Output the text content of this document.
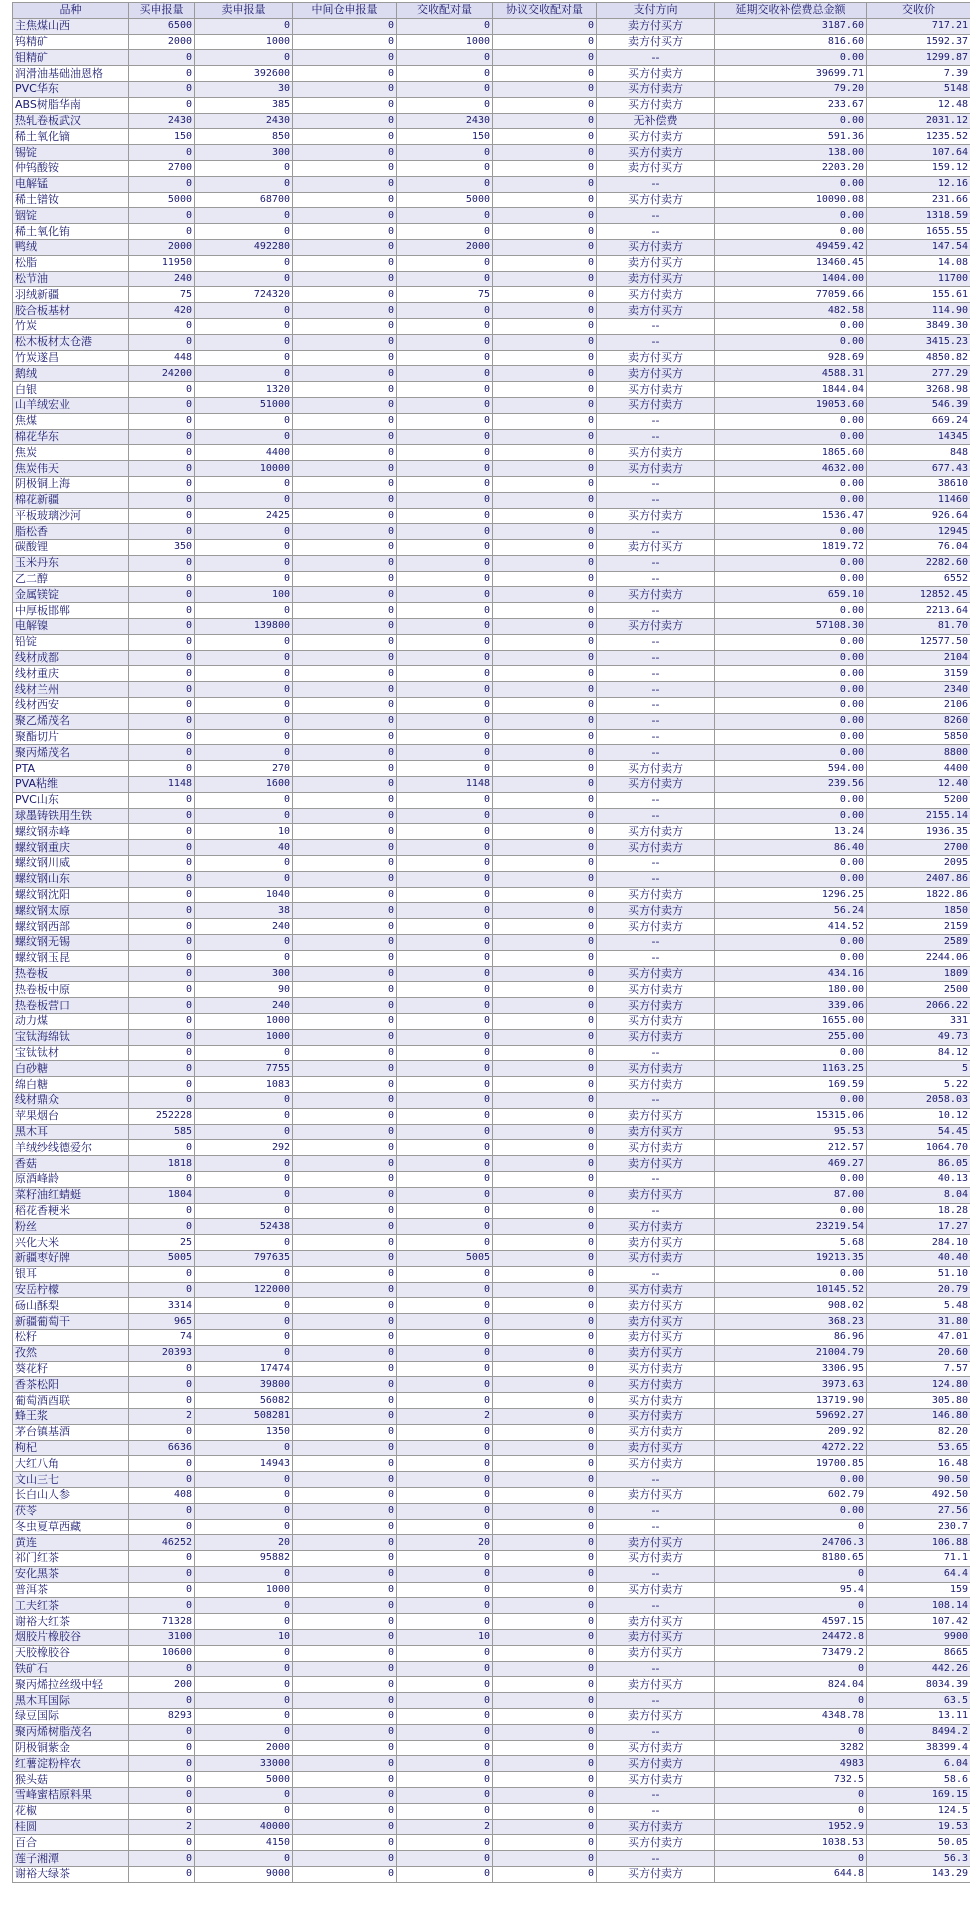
品种	买申报量	卖申报量	中间仓申报量	交收配对量	协议交收配对量	支付方向	延期交收补偿费总金额	交收价
主焦煤山西	6500	0	0	0	0	卖方付买方	3187.60	717.21
钨精矿	2000	1000	0	1000	0	卖方付买方	816.60	1592.37
钼精矿	0	0	0	0	0	--	0.00	1299.87
润滑油基础油恩格	0	392600	0	0	0	买方付卖方	39699.71	7.39
PVC华东	0	30	0	0	0	买方付卖方	79.20	5148
ABS树脂华南	0	385	0	0	0	买方付卖方	233.67	12.48
热轧卷板武汉	2430	2430	0	2430	0	无补偿费	0.00	2031.12
稀土氧化镝	150	850	0	150	0	买方付卖方	591.36	1235.52
锡锭	0	300	0	0	0	买方付卖方	138.00	107.64
仲钨酸铵	2700	0	0	0	0	卖方付买方	2203.20	159.12
电解锰	0	0	0	0	0	--	0.00	12.16
稀土镨钕	5000	68700	0	5000	0	买方付卖方	10090.08	231.66
铟锭	0	0	0	0	0	--	0.00	1318.59
稀土氧化铕	0	0	0	0	0	--	0.00	1655.55
鸭绒	2000	492280	0	2000	0	买方付卖方	49459.42	147.54
松脂	11950	0	0	0	0	卖方付买方	13460.45	14.08
松节油	240	0	0	0	0	卖方付买方	1404.00	11700
羽绒新疆	75	724320	0	75	0	买方付卖方	77059.66	155.61
胶合板基材	420	0	0	0	0	卖方付买方	482.58	114.90
竹炭	0	0	0	0	0	--	0.00	3849.30
松木板材太仓港	0	0	0	0	0	--	0.00	3415.23
竹炭遂昌	448	0	0	0	0	卖方付买方	928.69	4850.82
鹅绒	24200	0	0	0	0	卖方付买方	4588.31	277.29
白银	0	1320	0	0	0	买方付卖方	1844.04	3268.98
山羊绒宏业	0	51000	0	0	0	买方付卖方	19053.60	546.39
焦煤	0	0	0	0	0	--	0.00	669.24
棉花华东	0	0	0	0	0	--	0.00	14345
焦炭	0	4400	0	0	0	买方付卖方	1865.60	848
焦炭伟天	0	10000	0	0	0	买方付卖方	4632.00	677.43
阴极铜上海	0	0	0	0	0	--	0.00	38610
棉花新疆	0	0	0	0	0	--	0.00	11460
平板玻璃沙河	0	2425	0	0	0	买方付卖方	1536.47	926.64
脂松香	0	0	0	0	0	--	0.00	12945
碳酸锂	350	0	0	0	0	卖方付买方	1819.72	76.04
玉米丹东	0	0	0	0	0	--	0.00	2282.60
乙二醇	0	0	0	0	0	--	0.00	6552
金属镁锭	0	100	0	0	0	买方付卖方	659.10	12852.45
中厚板邯郸	0	0	0	0	0	--	0.00	2213.64
电解镍	0	139800	0	0	0	买方付卖方	57108.30	81.70
铅锭	0	0	0	0	0	--	0.00	12577.50
线材成都	0	0	0	0	0	--	0.00	2104
线材重庆	0	0	0	0	0	--	0.00	3159
线材兰州	0	0	0	0	0	--	0.00	2340
线材西安	0	0	0	0	0	--	0.00	2106
聚乙烯茂名	0	0	0	0	0	--	0.00	8260
聚酯切片	0	0	0	0	0	--	0.00	5850
聚丙烯茂名	0	0	0	0	0	--	0.00	8800
PTA	0	270	0	0	0	买方付卖方	594.00	4400
PVA粘维	1148	1600	0	1148	0	买方付卖方	239.56	12.40
PVC山东	0	0	0	0	0	--	0.00	5200
球墨铸铁用生铁	0	0	0	0	0	--	0.00	2155.14
螺纹钢赤峰	0	10	0	0	0	买方付卖方	13.24	1936.35
螺纹钢重庆	0	40	0	0	0	买方付卖方	86.40	2700
螺纹钢川威	0	0	0	0	0	--	0.00	2095
螺纹钢山东	0	0	0	0	0	--	0.00	2407.86
螺纹钢沈阳	0	1040	0	0	0	买方付卖方	1296.25	1822.86
螺纹钢太原	0	38	0	0	0	买方付卖方	56.24	1850
螺纹钢西部	0	240	0	0	0	买方付卖方	414.52	2159
螺纹钢无锡	0	0	0	0	0	--	0.00	2589
螺纹钢玉昆	0	0	0	0	0	--	0.00	2244.06
热卷板	0	300	0	0	0	买方付卖方	434.16	1809
热卷板中原	0	90	0	0	0	买方付卖方	180.00	2500
热卷板营口	0	240	0	0	0	买方付卖方	339.06	2066.22
动力煤	0	1000	0	0	0	买方付卖方	1655.00	331
宝钛海绵钛	0	1000	0	0	0	买方付卖方	255.00	49.73
宝钛钛材	0	0	0	0	0	--	0.00	84.12
白砂糖	0	7755	0	0	0	买方付卖方	1163.25	5
绵白糖	0	1083	0	0	0	买方付卖方	169.59	5.22
线材鼎众	0	0	0	0	0	--	0.00	2058.03
苹果烟台	252228	0	0	0	0	卖方付买方	15315.06	10.12
黑木耳	585	0	0	0	0	卖方付买方	95.53	54.45
羊绒纱线德爱尔	0	292	0	0	0	买方付卖方	212.57	1064.70
香菇	1818	0	0	0	0	卖方付买方	469.27	86.05
原酒峰龄	0	0	0	0	0	--	0.00	40.13
菜籽油红蜻蜓	1804	0	0	0	0	卖方付买方	87.00	8.04
稻花香粳米	0	0	0	0	0	--	0.00	18.28
粉丝	0	52438	0	0	0	买方付卖方	23219.54	17.27
兴化大米	25	0	0	0	0	卖方付买方	5.68	284.10
新疆枣好牌	5005	797635	0	5005	0	买方付卖方	19213.35	40.40
银耳	0	0	0	0	0	--	0.00	51.10
安岳柠檬	0	122000	0	0	0	买方付卖方	10145.52	20.79
砀山酥梨	3314	0	0	0	0	卖方付买方	908.02	5.48
新疆葡萄干	965	0	0	0	0	卖方付买方	368.23	31.80
松籽	74	0	0	0	0	卖方付买方	86.96	47.01
孜然	20393	0	0	0	0	卖方付买方	21004.79	20.60
葵花籽	0	17474	0	0	0	买方付卖方	3306.95	7.57
香茶松阳	0	39800	0	0	0	买方付卖方	3973.63	124.80
葡萄酒酉联	0	56082	0	0	0	买方付卖方	13719.90	305.80
蜂王浆	2	508281	0	2	0	买方付卖方	59692.27	146.80
茅台镇基酒	0	1350	0	0	0	买方付卖方	209.92	82.20
枸杞	6636	0	0	0	0	卖方付买方	4272.22	53.65
大红八角	0	14943	0	0	0	买方付卖方	19700.85	16.48
文山三七	0	0	0	0	0	--	0.00	90.50
长白山人参	408	0	0	0	0	卖方付买方	602.79	492.50
茯苓	0	0	0	0	0	--	0.00	27.56
冬虫夏草西藏	0	0	0	0	0	--	0	230.7
黄连	46252	20	0	20	0	卖方付买方	24706.3	106.88
祁门红茶	0	95882	0	0	0	买方付卖方	8180.65	71.1
安化黑茶	0	0	0	0	0	--	0	64.4
普洱茶	0	1000	0	0	0	买方付卖方	95.4	159
工夫红茶	0	0	0	0	0	--	0	108.14
谢裕大红茶	71328	0	0	0	0	卖方付买方	4597.15	107.42
烟胶片橡胶谷	3100	10	0	10	0	卖方付买方	24472.8	9900
天胶橡胶谷	10600	0	0	0	0	卖方付买方	73479.2	8665
铁矿石	0	0	0	0	0	--	0	442.26
聚丙烯拉丝级中轻	200	0	0	0	0	卖方付买方	824.04	8034.39
黑木耳国际	0	0	0	0	0	--	0	63.5
绿豆国际	8293	0	0	0	0	卖方付买方	4348.78	13.11
聚丙烯树脂茂名	0	0	0	0	0	--	0	8494.2
阴极铜紫金	0	2000	0	0	0	买方付卖方	3282	38399.4
红薯淀粉梓农	0	33000	0	0	0	买方付卖方	4983	6.04
猴头菇	0	5000	0	0	0	买方付卖方	732.5	58.6
雪峰蜜桔原料果	0	0	0	0	0	--	0	169.15
花椒	0	0	0	0	0	--	0	124.5
桂圆	2	40000	0	2	0	买方付卖方	1952.9	19.53
百合	0	4150	0	0	0	买方付卖方	1038.53	50.05
莲子湘潭	0	0	0	0	0	--	0	56.3
谢裕大绿茶	0	9000	0	0	0	买方付卖方	644.8	143.29
